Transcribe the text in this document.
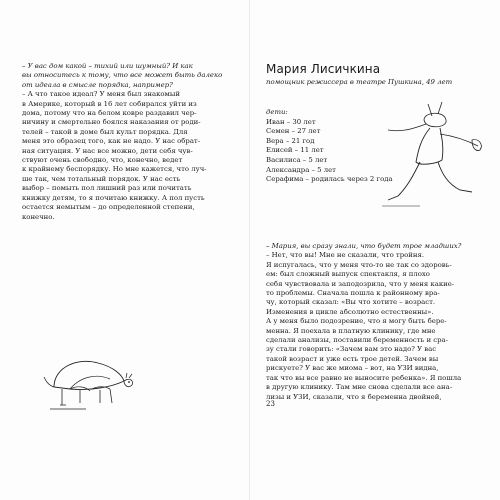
– У вас дом какой – тихий или шумный? И как

вы относитесь к тому, что все может быть далеко

от идеала в смысле порядка, например?

– А что такое идеал? У меня был знакомый

в Америке, который в 16 лет собирался уйти из

дома, потому что на белом ковре раздавил чер-

ничину и смертельно боялся наказания от роди-

телей – такой в доме был культ порядка. Для

меня это образец того, как не надо. У нас обрат-

ная ситуация. У нас все можно, дети себя чув-

ствуют очень свободно, что, конечно, ведет

к крайнему беспорядку. Но мне кажется, что луч-

ше так, чем тотальный порядок. У нас есть

выбор – помыть пол лишний раз или почитать

книжку детям, то я почитаю книжку. А пол пусть

остается немытым – до определенной степени,

конечно.

Мария Лисичкина
помощник режиссера в театре Пушкина, 49 лет
дети:
Иван – 30 лет
Семен – 27 лет
Вера – 21 год
Елисей – 11 лет
Василиса – 5 лет
Александра – 5 лет
Серафима – родилась через 2 года

– Мария, вы сразу знали, что будет трое младших?

– Нет, что вы! Мне не сказали, что тройня.

Я испугалась, что у меня что-то не так со здоровь-

ем: был сложный выпуск спектакля, я плохо

себя чувствовала и заподозрила, что у меня какие-

то проблемы. Сначала пошла к районному вра-

чу, который сказал: «Вы что хотите – возраст.

Изменения в цикле абсолютно естественны».

А у меня было подозрение, что я могу быть бере-

менна. Я поехала в платную клинику, где мне

сделали анализы, поставили беременность и сра-

зу стали говорить: «Зачем вам это надо? У вас

такой возраст и уже есть трое детей. Зачем вы

рискуете? У вас же миома – вот, на УЗИ видна,

так что вы все равно не выносите ребенка». Я пошла

в другую клинику. Там мне снова сделали все ана-

лизы и УЗИ, сказали, что я беременна двойней,

23
